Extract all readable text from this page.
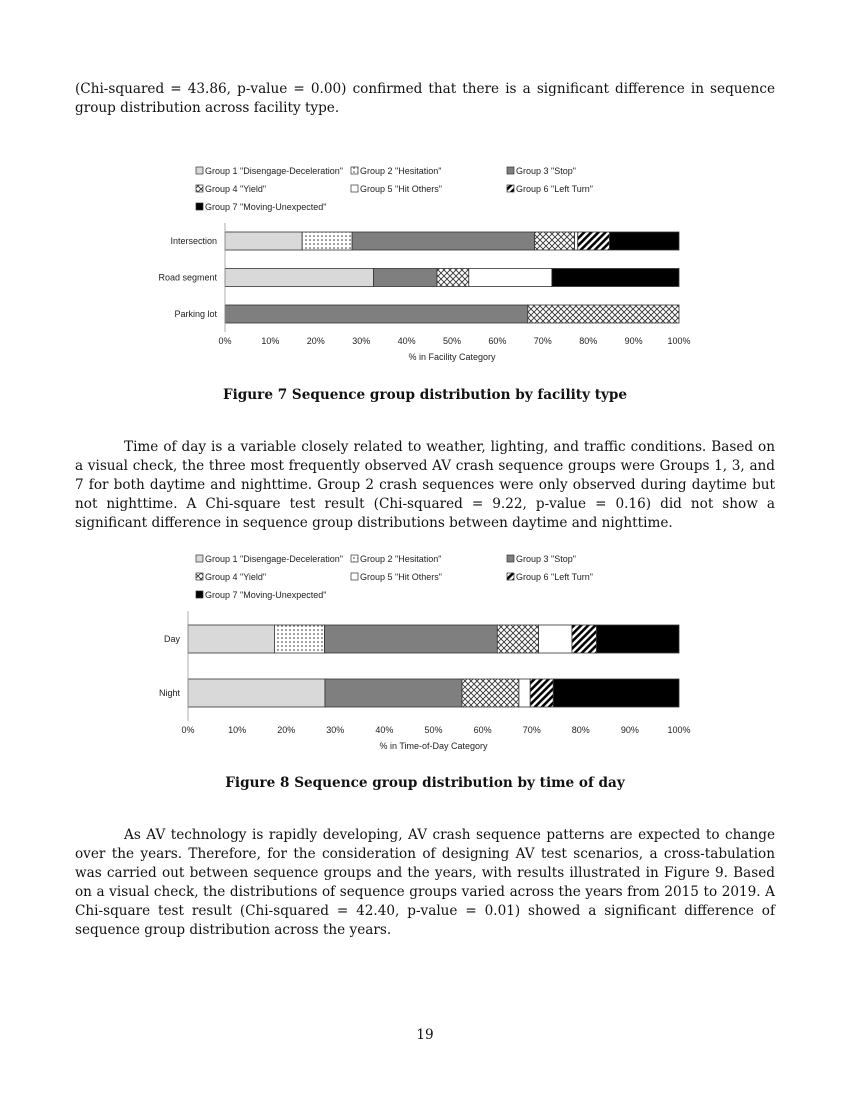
(Chi-squared = 43.86, p-value = 0.00) confirmed that there is a significant difference in sequence group distribution across facility type.

Group 1 "Disengage-Deceleration" Group 2 "Hesitation"	Group 3 "Stop"
Group 4 "Yield"	Group 5 "Hit Others"	Group 6 "Left Turn"
Group 7 "Moving-Unexpected"
Intersection
Road segment
Parking lot
0%	10%	20%	30%	40%	50%	60%	70%	80%	90%	100%
% in Facility Category

Figure 7 Sequence group distribution by facility type

Time of day is a variable closely related to weather, lighting, and traffic conditions. Based on a visual check, the three most frequently observed AV crash sequence groups were Groups 1, 3, and 7 for both daytime and nighttime. Group 2 crash sequences were only observed during daytime but not nighttime. A Chi-square test result (Chi-squared = 9.22, p-value = 0.16) did not show a significant difference in sequence group distributions between daytime and nighttime.

Group 1 "Disengage-Deceleration" Group 2 "Hesitation"	Group 3 "Stop"
Group 4 "Yield"	Group 5 "Hit Others"	Group 6 "Left Turn"
Group 7 "Moving-Unexpected"
Day
Night
0%	10%	20%	30%	40%	50%	60%	70%	80%	90%	100%
% in Time-of-Day Category

Figure 8 Sequence group distribution by time of day

As AV technology is rapidly developing, AV crash sequence patterns are expected to change over the years. Therefore, for the consideration of designing AV test scenarios, a cross-tabulation was carried out between sequence groups and the years, with results illustrated in Figure 9. Based on a visual check, the distributions of sequence groups varied across the years from 2015 to 2019. A Chi-square test result (Chi-squared = 42.40, p-value = 0.01) showed a significant difference of sequence group distribution across the years.

19
